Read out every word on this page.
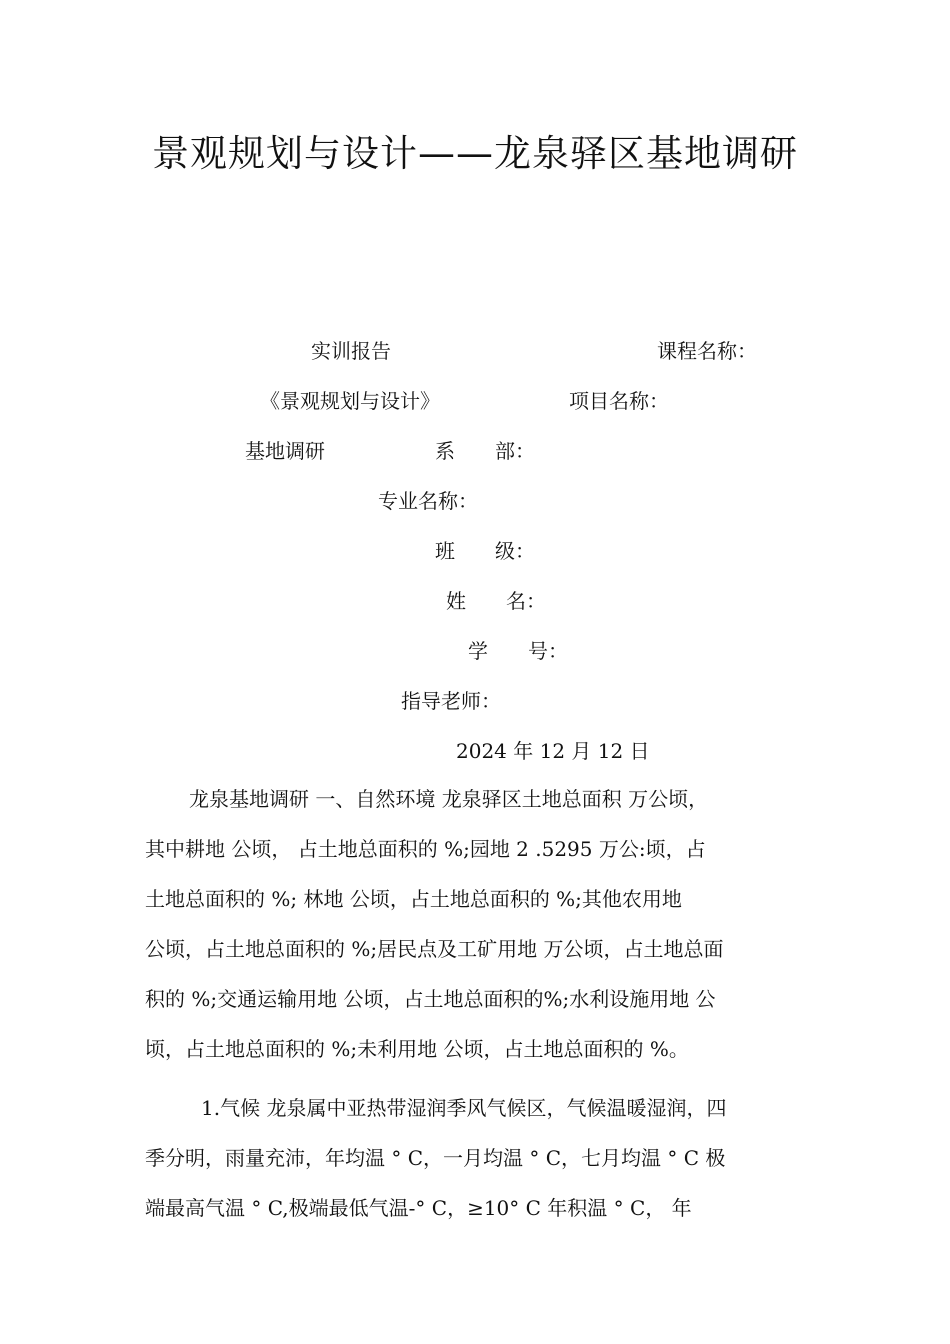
景观规划与设计——龙泉驿区基地调研
实训报告	课程名称：
《景观规划与设计》	项目名称：
基地调研	系　　部：
专业名称：
班　　级：
姓　　名：
学　　号：
指导老师：
2024 年 12 月 12 日
龙泉基地调研 一、自然环境 龙泉驿区土地总面积 万公顷，
其中耕地 公顷， 占土地总面积的 %;园地 2 .5295 万公:顷，占
土地总面积的 %; 林地 公顷，占土地总面积的 %;其他农用地
公顷，占土地总面积的 %;居民点及工矿用地 万公顷，占土地总面
积的 %;交通运输用地 公顷，占土地总面积的%;水利设施用地 公
顷，占土地总面积的 %;未利用地 公顷，占土地总面积的 %。
1.气候 龙泉属中亚热带湿润季风气候区，气候温暖湿润，四
季分明，雨量充沛，年均温 ° C，一月均温 ° C，七月均温 ° C 极
端最高气温 ° C,极端最低气温-° C，≥10° C 年积温 ° C， 年
